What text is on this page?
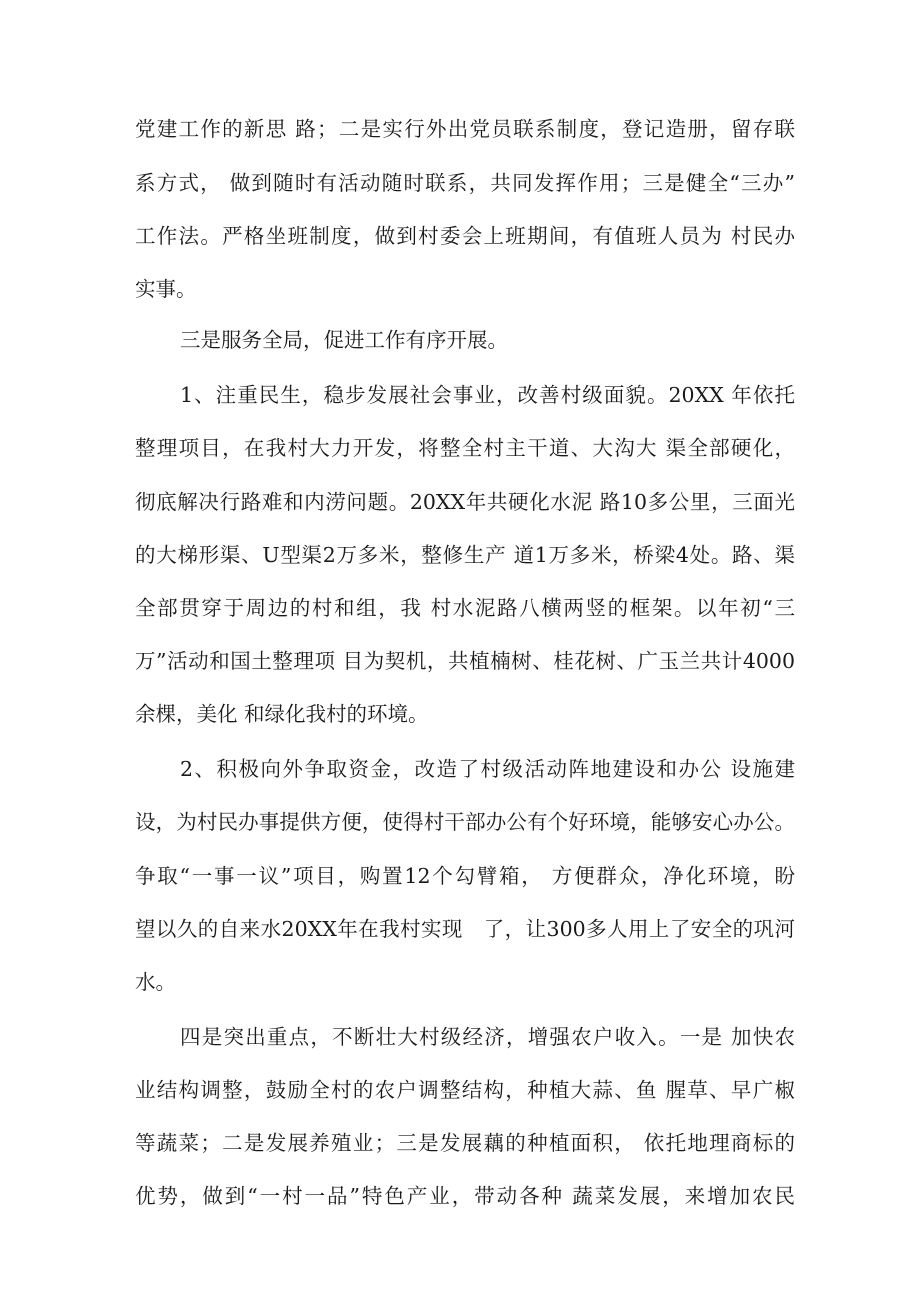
党建工作的新思 路；二是实行外出党员联系制度，登记造册，留存联
系方式， 做到随时有活动随时联系，共同发挥作用；三是健全“三办”
工作法。严格坐班制度，做到村委会上班期间，有值班人员为 村民办
实事。
三是服务全局，促进工作有序开展。
1、注重民生，稳步发展社会事业，改善村级面貌。20XX 年依托
整理项目，在我村大力开发，将整全村主干道、大沟大 渠全部硬化，
彻底解决行路难和内涝问题。20XX年共硬化水泥 路10多公里，三面光
的大梯形渠、U型渠2万多米，整修生产 道1万多米，桥梁4处。路、渠
全部贯穿于周边的村和组，我 村水泥路八横两竖的框架。以年初“三
万”活动和国土整理项 目为契机，共植楠树、桂花树、广玉兰共计4000
余棵，美化 和绿化我村的环境。
2、积极向外争取资金，改造了村级活动阵地建设和办公 设施建
设，为村民办事提供方便，使得村干部办公有个好环境，能够安心办公。
争取“一事一议”项目，购置12个勾臂箱， 方便群众，净化环境，盼
望以久的自来水20XX年在我村实现   了，让300多人用上了安全的巩河
水。
四是突出重点，不断壮大村级经济，增强农户收入。一是 加快农
业结构调整，鼓励全村的农户调整结构，种植大蒜、鱼 腥草、早广椒
等蔬菜；二是发展养殖业；三是发展藕的种植面积， 依托地理商标的
优势，做到“一村一品”特色产业，带动各种 蔬菜发展，来增加农民
